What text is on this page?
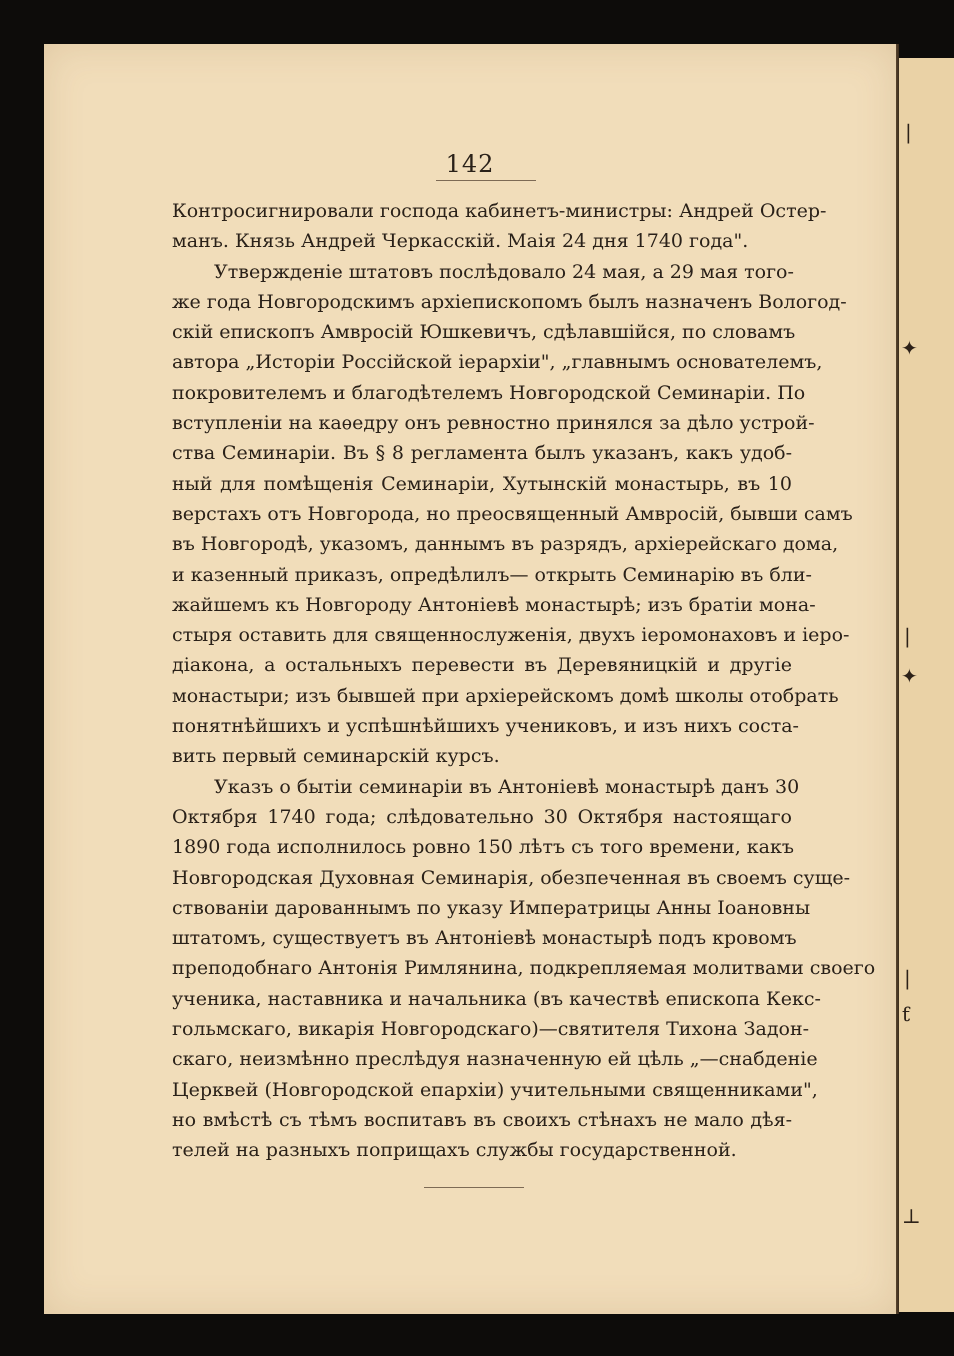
|
✦
|
✦
|
ƭ
⊥
142
Контросигнировали господа кабинетъ-министры: Андрей Остер-
манъ. Князь Андрей Черкасскій. Маія 24 дня 1740 года".
Утвержденіе штатовъ послѣдовало 24 мая, а 29 мая того-
же года Новгородскимъ архіепископомъ былъ назначенъ Вологод-
скій епископъ Амвросій Юшкевичъ, сдѣлавшійся, по словамъ
автора „Исторіи Россійской іерархіи", „главнымъ основателемъ,
покровителемъ и благодѣтелемъ Новгородской Семинаріи. По
вступленіи на каѳедру онъ ревностно принялся за дѣло устрой-
ства Семинаріи. Въ § 8 регламента былъ указанъ, какъ удоб-
ный для помѣщенія Семинаріи, Хутынскій монастырь, въ 10
верстахъ отъ Новгорода, но преосвященный Амвросій, бывши самъ
въ Новгородѣ, указомъ, даннымъ въ разрядъ, архіерейскаго дома,
и казенный приказъ, опредѣлилъ— открыть Семинарію въ бли-
жайшемъ къ Новгороду Антоніевѣ монастырѣ; изъ братіи мона-
стыря оставить для священнослуженія, двухъ іеромонаховъ и іеро-
діакона, а остальныхъ перевести въ Деревяницкій и другіе
монастыри; изъ бывшей при архіерейскомъ домѣ школы отобрать
понятнѣйшихъ и успѣшнѣйшихъ учениковъ, и изъ нихъ соста-
вить первый семинарскій курсъ.
Указъ о бытіи семинаріи въ Антоніевѣ монастырѣ данъ 30
Октября 1740 года; слѣдовательно 30 Октября настоящаго
1890 года исполнилось ровно 150 лѣтъ съ того времени, какъ
Новгородская Духовная Семинарія, обезпеченная въ своемъ суще-
ствованіи дарованнымъ по указу Императрицы Анны Іоановны
штатомъ, существуетъ въ Антоніевѣ монастырѣ подъ кровомъ
преподобнаго Антонія Римлянина, подкрепляемая молитвами своего
ученика, наставника и начальника (въ качествѣ епископа Кекс-
гольмскаго, викарія Новгородскаго)—святителя Тихона Задон-
скаго, неизмѣнно преслѣдуя назначенную ей цѣль „—снабденіе
Церквей (Новгородской епархіи) учительными священниками",
но вмѣстѣ съ тѣмъ воспитавъ въ своихъ стѣнахъ не мало дѣя-
телей на разныхъ поприщахъ службы государственной.
